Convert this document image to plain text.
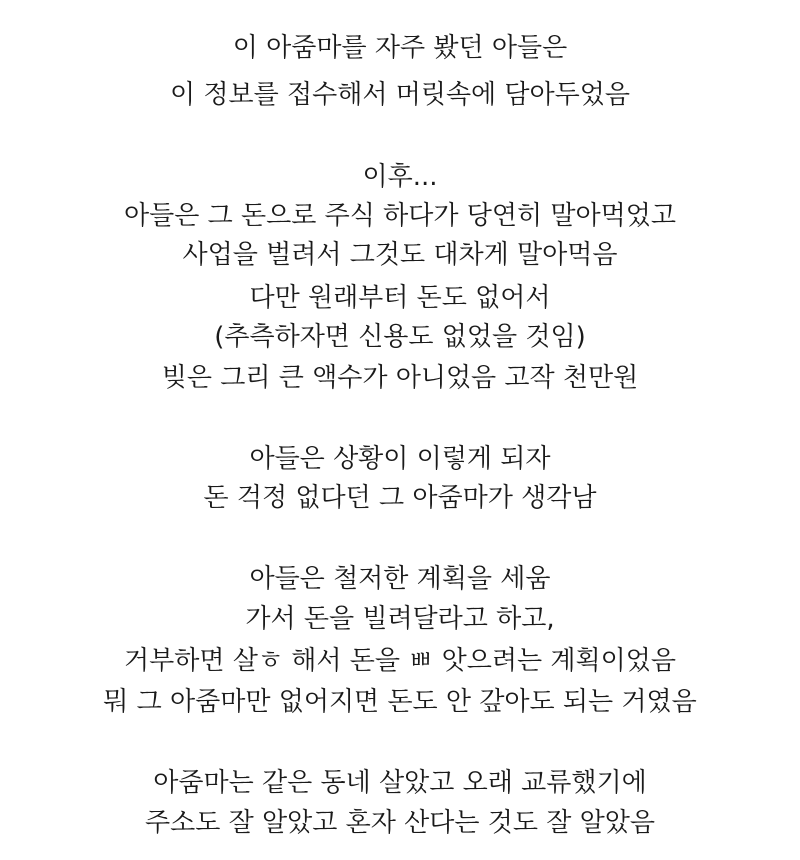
이 아줌마를 자주 봤던 아들은
이 정보를 접수해서 머릿속에 담아두었음
이후...
아들은 그 돈으로 주식 하다가 당연히 말아먹었고
사업을 벌려서 그것도 대차게 말아먹음
다만 원래부터 돈도 없어서
(추측하자면 신용도 없었을 것임)
빚은 그리 큰 액수가 아니었음 고작 천만원
아들은 상황이 이렇게 되자
돈 걱정 없다던 그 아줌마가 생각남
아들은 철저한 계획을 세움
가서 돈을 빌려달라고 하고,
거부하면 살ㅎ 해서 돈을 ㅃ 앗으려는 계획이었음
뭐 그 아줌마만 없어지면 돈도 안 갚아도 되는 거였음
아줌마는 같은 동네 살았고 오래 교류했기에
주소도 잘 알았고 혼자 산다는 것도 잘 알았음
